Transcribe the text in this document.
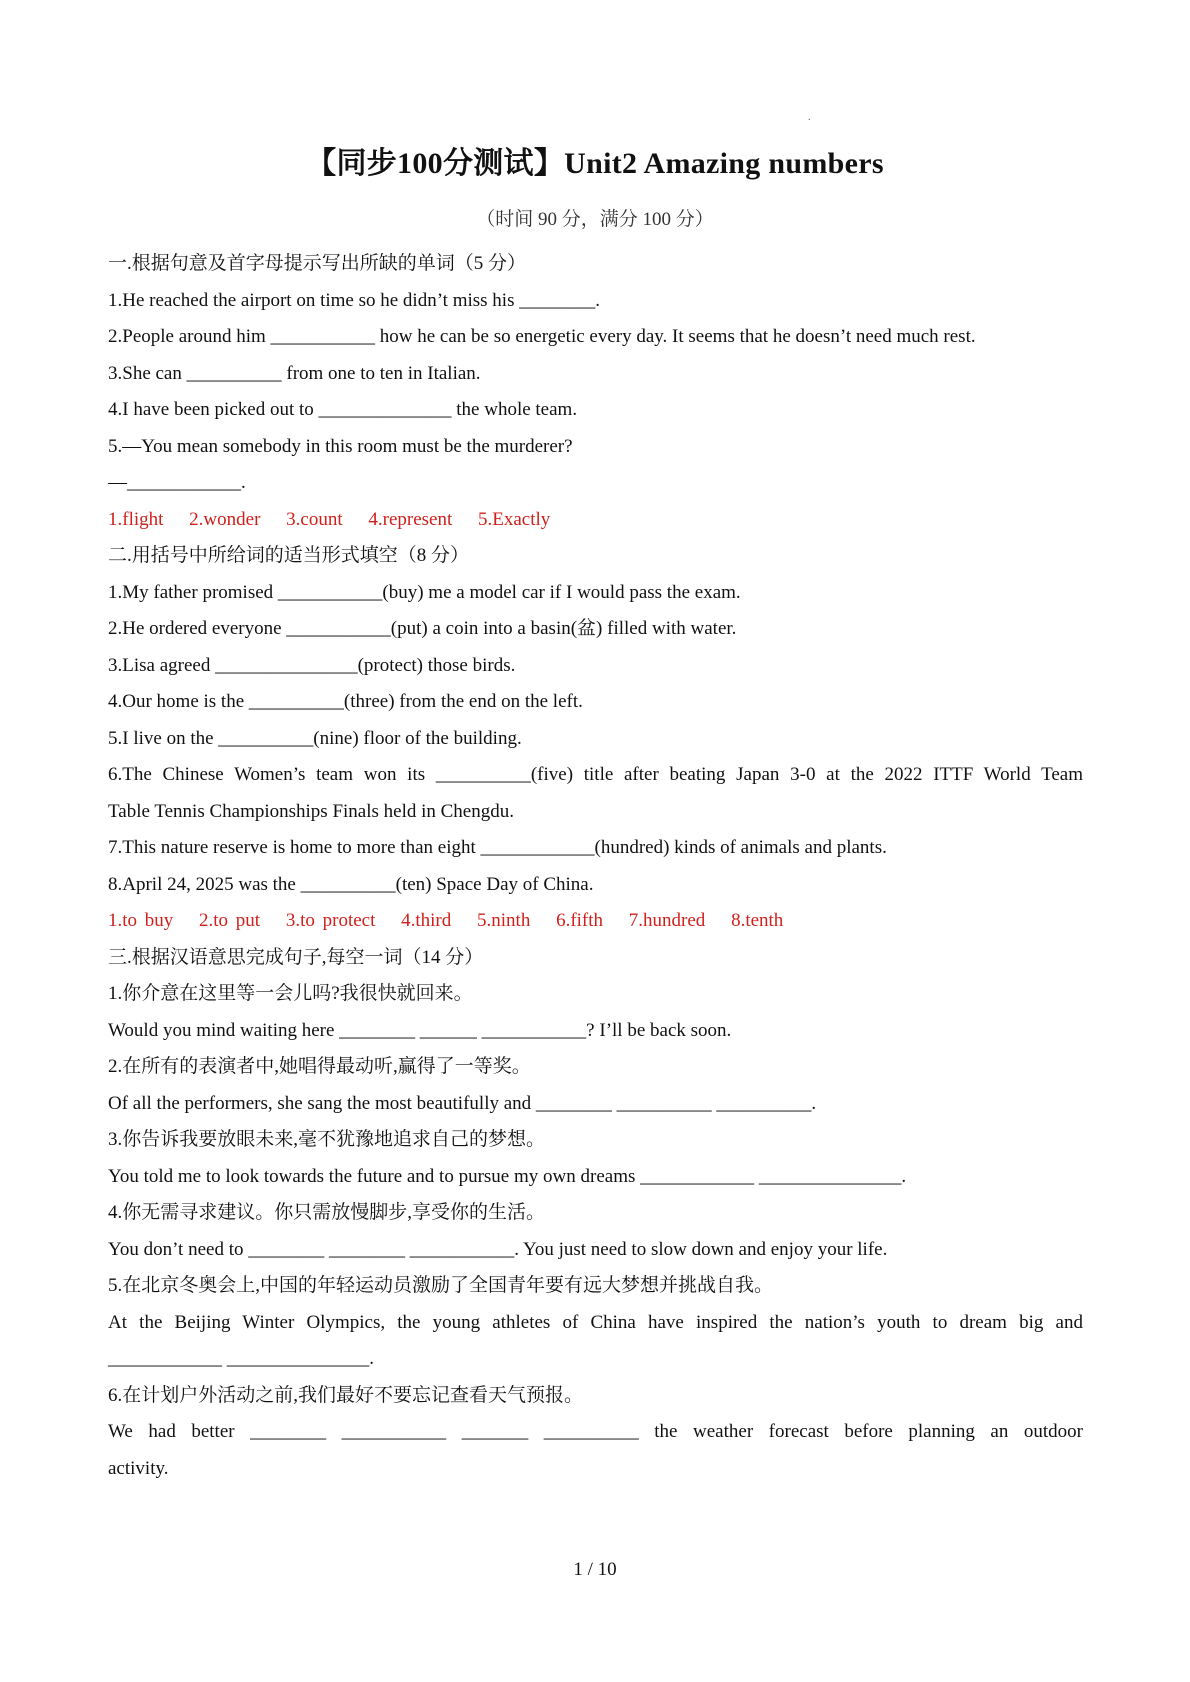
.
【同步100分测试】Unit2 Amazing numbers
（时间 90 分，满分 100 分）
一.根据句意及首字母提示写出所缺的单词（5 分）
1.He reached the airport on time so he didn’t miss his ________.
2.People around him ___________ how he can be so energetic every day. It seems that he doesn’t need much rest.
3.She can __________ from one to ten in Italian.
4.I have been picked out to ______________ the whole team.
5.—You mean somebody in this room must be the murderer?
—____________.
1.flight 2.wonder 3.count 4.represent 5.Exactly
二.用括号中所给词的适当形式填空（8 分）
1.My father promised ___________(buy) me a model car if I would pass the exam.
2.He ordered everyone ___________(put) a coin into a basin(盆) filled with water.
3.Lisa agreed _______________(protect) those birds.
4.Our home is the __________(three) from the end on the left.
5.I live on the __________(nine) floor of the building.
6.The Chinese Women’s team won its __________(five) title after beating Japan 3-0 at the 2022 ITTF World Team
Table Tennis Championships Finals held in Chengdu.
7.This nature reserve is home to more than eight ____________(hundred) kinds of animals and plants.
8.April 24, 2025 was the __________(ten) Space Day of China.
1.to buy 2.to put 3.to protect 4.third 5.ninth 6.fifth 7.hundred 8.tenth
三.根据汉语意思完成句子,每空一词（14 分）
1.你介意在这里等一会儿吗?我很快就回来。
Would you mind waiting here ________ ______ ___________? I’ll be back soon.
2.在所有的表演者中,她唱得最动听,赢得了一等奖。
Of all the performers, she sang the most beautifully and ________ __________ __________.
3.你告诉我要放眼未来,毫不犹豫地追求自己的梦想。
You told me to look towards the future and to pursue my own dreams ____________ _______________.
4.你无需寻求建议。你只需放慢脚步,享受你的生活。
You don’t need to ________ ________ ___________. You just need to slow down and enjoy your life.
5.在北京冬奥会上,中国的年轻运动员激励了全国青年要有远大梦想并挑战自我。
At the Beijing Winter Olympics, the young athletes of China have inspired the nation’s youth to dream big and
____________ _______________.
6.在计划户外活动之前,我们最好不要忘记查看天气预报。
We had better ________ ___________ _______ __________ the weather forecast before planning an outdoor
activity.
1 / 10
